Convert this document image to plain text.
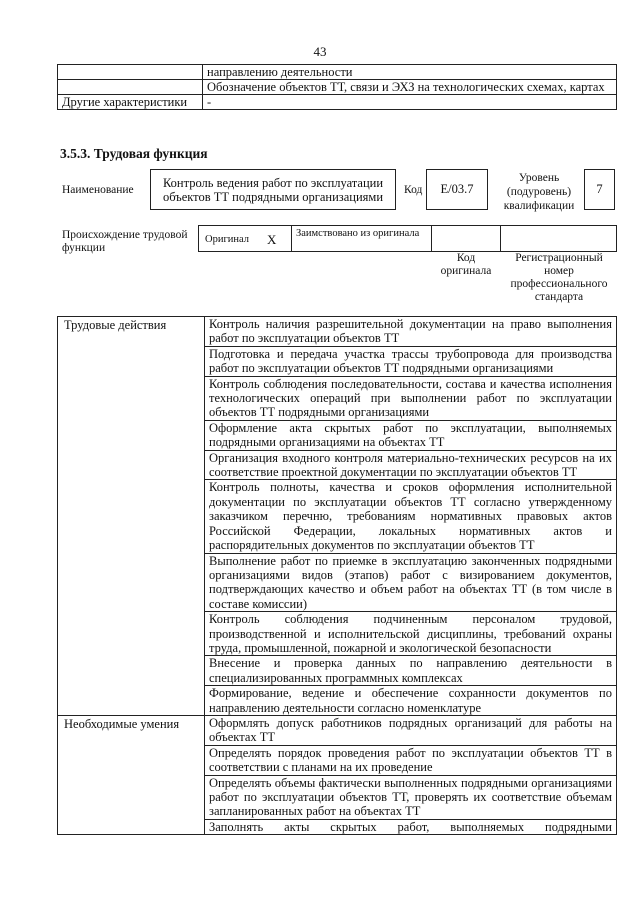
43
	направлению деятельности
	Обозначение объектов ТТ, связи и ЭХЗ на технологических схемах, картах
Другие характеристики	-
3.5.3. Трудовая функция
Наименование
Контроль ведения работ по эксплуатации объектов ТТ подрядными организациями	Код	E/03.7
Уровень (подуровень) квалификации
7
Происхождение трудовой функции
Оригинал X	Заимствовано из оригинала
Код оригинала
Регистрационный номер профессионального стандарта
Трудовые действия	Контроль наличия разрешительной документации на право выполнения работ по эксплуатации объектов ТТ
	Подготовка и передача участка трассы трубопровода для производства работ по эксплуатации объектов ТТ подрядными организациями
	Контроль соблюдения последовательности, состава и качества исполнения технологических операций при выполнении работ по эксплуатации объектов ТТ подрядными организациями
	Оформление акта скрытых работ по эксплуатации, выполняемых подрядными организациями на объектах ТТ
	Организация входного контроля материально-технических ресурсов на их соответствие проектной документации по эксплуатации объектов ТТ
	Контроль полноты, качества и сроков оформления исполнительной документации по эксплуатации объектов ТТ согласно утвержденному заказчиком перечню, требованиям нормативных правовых актов Российской Федерации, локальных нормативных актов и распорядительных документов по эксплуатации объектов ТТ
	Выполнение работ по приемке в эксплуатацию законченных подрядными организациями видов (этапов) работ с визированием документов, подтверждающих качество и объем работ на объектах ТТ (в том числе в составе комиссии)
	Контроль соблюдения подчиненным персоналом трудовой, производственной и исполнительской дисциплины, требований охраны труда, промышленной, пожарной и экологической безопасности
	Внесение и проверка данных по направлению деятельности в специализированных программных комплексах
	Формирование, ведение и обеспечение сохранности документов по направлению деятельности согласно номенклатуре
Необходимые умения	Оформлять допуск работников подрядных организаций для работы на объектах ТТ
	Определять порядок проведения работ по эксплуатации объектов ТТ в соответствии с планами на их проведение
	Определять объемы фактически выполненных подрядными организациями работ по эксплуатации объектов ТТ, проверять их соответствие объемам запланированных работ на объектах ТТ
	Заполнять акты скрытых работ, выполняемых подрядными
